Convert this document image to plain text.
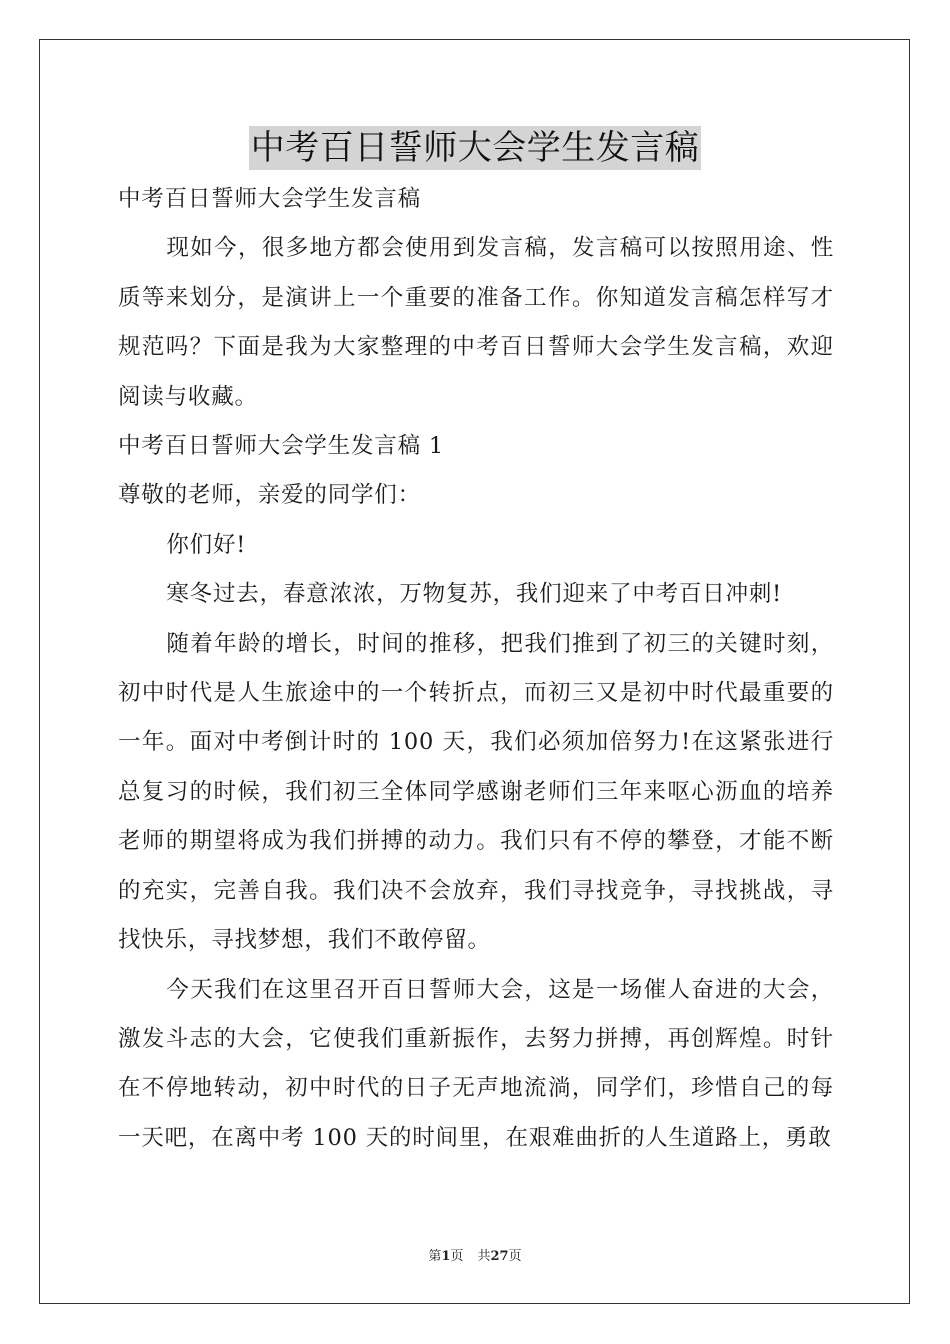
中考百日誓师大会学生发言稿

中考百日誓师大会学生发言稿

现如今，很多地方都会使用到发言稿，发言稿可以按照用途、性质等来划分，是演讲上一个重要的准备工作。你知道发言稿怎样写才规范吗？下面是我为大家整理的中考百日誓师大会学生发言稿，欢迎阅读与收藏。

中考百日誓师大会学生发言稿 1

尊敬的老师，亲爱的同学们：

你们好!

寒冬过去，春意浓浓，万物复苏，我们迎来了中考百日冲刺!

随着年龄的增长，时间的推移，把我们推到了初三的关键时刻，初中时代是人生旅途中的一个转折点，而初三又是初中时代最重要的一年。面对中考倒计时的 100 天，我们必须加倍努力!在这紧张进行总复习的时候，我们初三全体同学感谢老师们三年来呕心沥血的培养老师的期望将成为我们拼搏的动力。我们只有不停的攀登，才能不断的充实，完善自我。我们决不会放弃，我们寻找竞争，寻找挑战，寻找快乐，寻找梦想，我们不敢停留。

今天我们在这里召开百日誓师大会，这是一场催人奋进的大会，激发斗志的大会，它使我们重新振作，去努力拼搏，再创辉煌。时针在不停地转动，初中时代的日子无声地流淌，同学们，珍惜自己的每一天吧，在离中考 100 天的时间里，在艰难曲折的人生道路上，勇敢

第1页 共27页
